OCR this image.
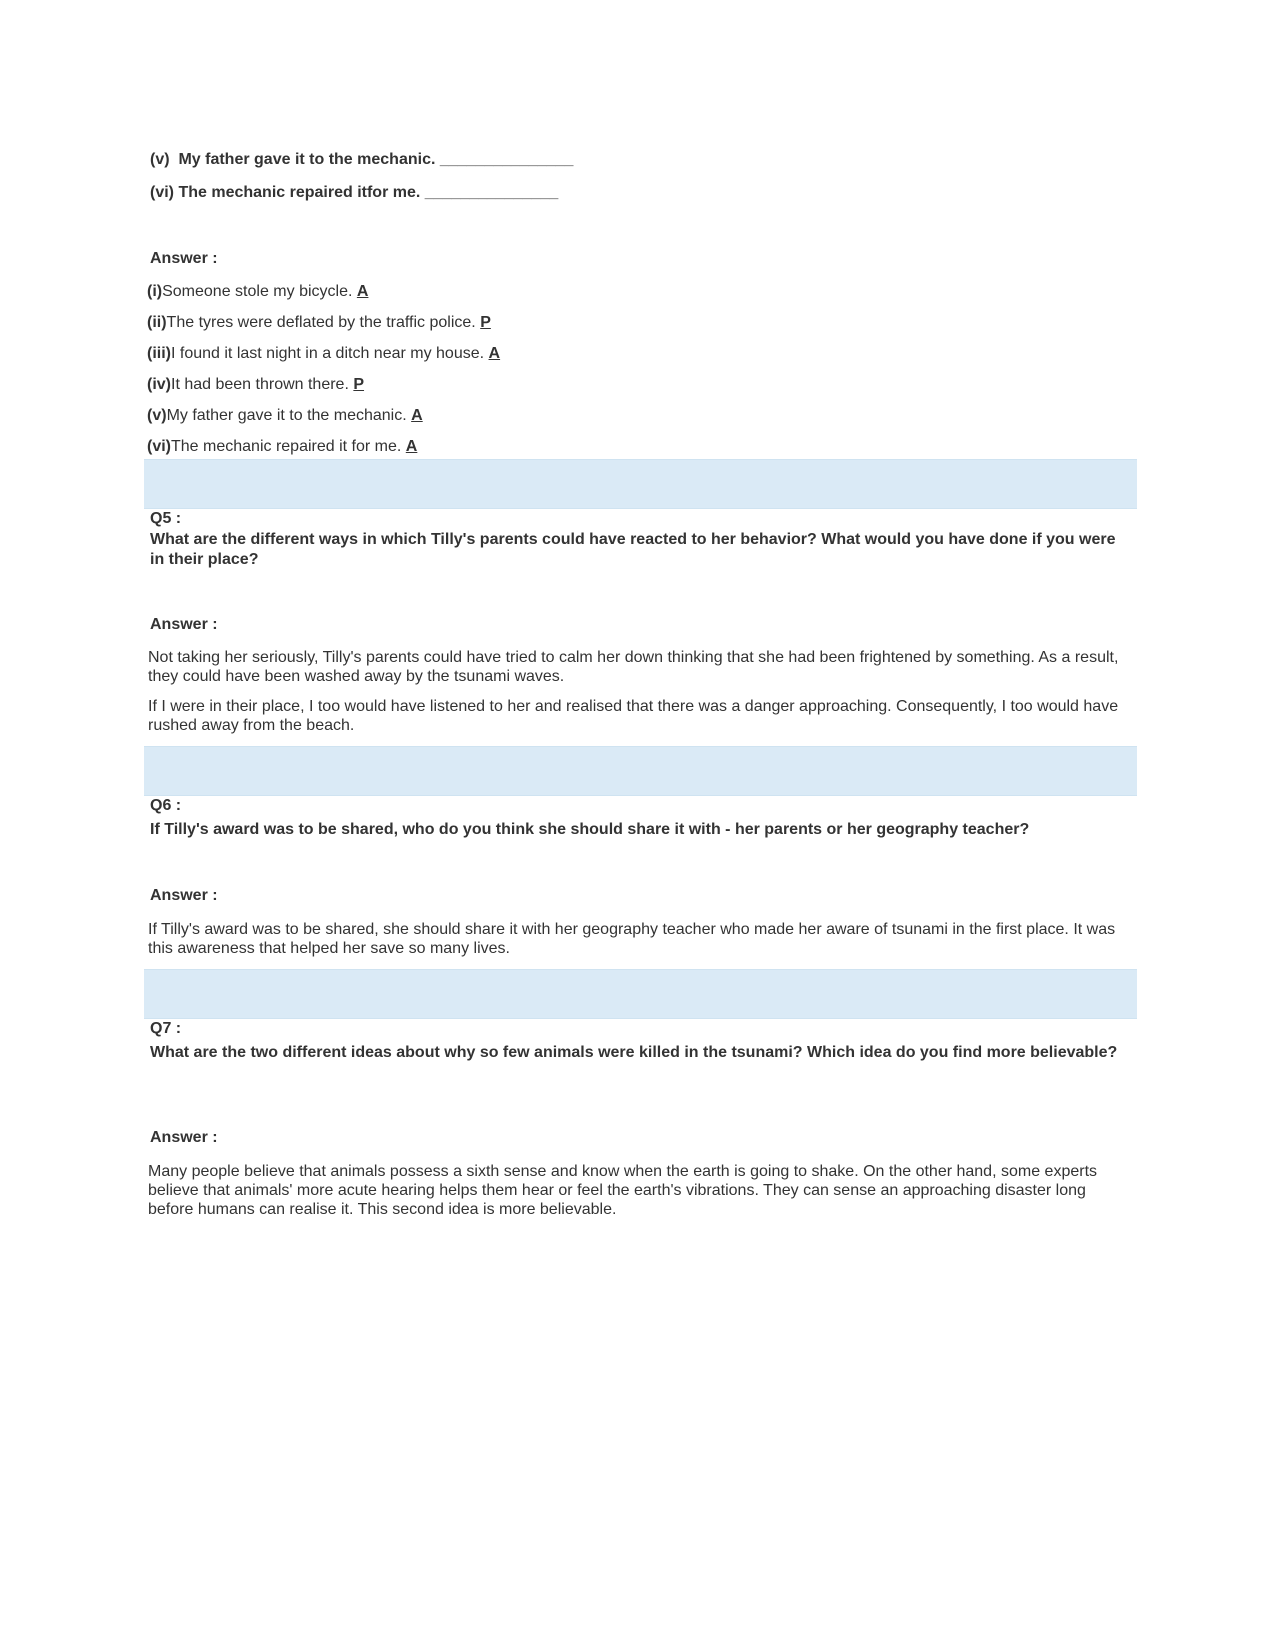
(v) My father gave it to the mechanic. _______________
(vi) The mechanic repaired itfor me. _______________
Answer :
(i)Someone stole my bicycle. A
(ii)The tyres were deflated by the traffic police. P
(iii)I found it last night in a ditch near my house. A
(iv)It had been thrown there. P
(v)My father gave it to the mechanic. A
(vi)The mechanic repaired it for me. A
Q5 :
What are the different ways in which Tilly's parents could have reacted to her behavior? What would you have done if you were in their place?
Answer :
Not taking her seriously, Tilly's parents could have tried to calm her down thinking that she had been frightened by something. As a result, they could have been washed away by the tsunami waves.
If I were in their place, I too would have listened to her and realised that there was a danger approaching. Consequently, I too would have rushed away from the beach.
Q6 :
If Tilly's award was to be shared, who do you think she should share it with - her parents or her geography teacher?
Answer :
If Tilly's award was to be shared, she should share it with her geography teacher who made her aware of tsunami in the first place. It was this awareness that helped her save so many lives.
Q7 :
What are the two different ideas about why so few animals were killed in the tsunami? Which idea do you find more believable?
Answer :
Many people believe that animals possess a sixth sense and know when the earth is going to shake. On the other hand, some experts believe that animals' more acute hearing helps them hear or feel the earth's vibrations. They can sense an approaching disaster long before humans can realise it. This second idea is more believable.
